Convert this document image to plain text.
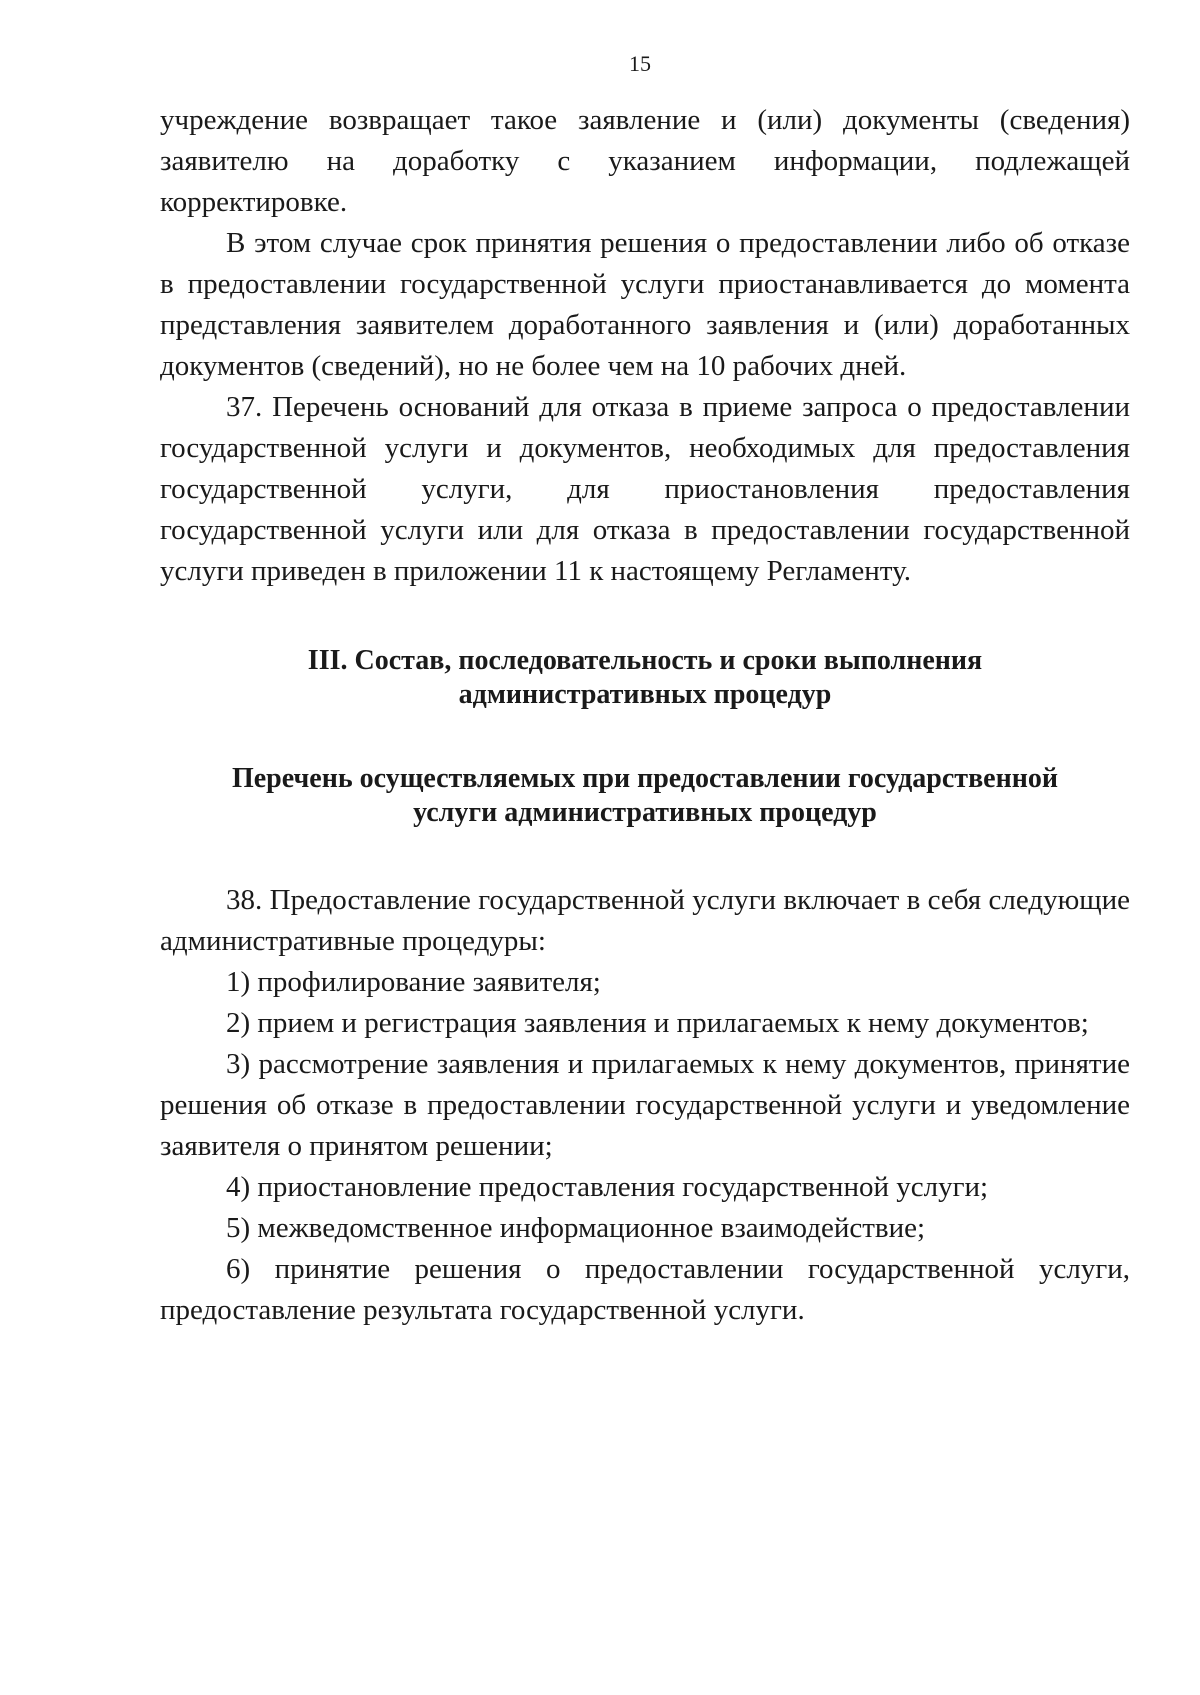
15

учреждение возвращает такое заявление и (или) документы (сведения) заявителю на доработку с указанием информации, подлежащей корректировке.

В этом случае срок принятия решения о предоставлении либо об отказе в предоставлении государственной услуги приостанавливается до момента представления заявителем доработанного заявления и (или) доработанных документов (сведений), но не более чем на 10 рабочих дней.

37. Перечень оснований для отказа в приеме запроса о предоставлении государственной услуги и документов, необходимых для предоставления государственной услуги, для приостановления предоставления государственной услуги или для отказа в предоставлении государственной услуги приведен в приложении 11 к настоящему Регламенту.

III. Состав, последовательность и сроки выполнения
административных процедур
Перечень осуществляемых при предоставлении государственной
услуги административных процедур

38. Предоставление государственной услуги включает в себя следующие административные процедуры:

1) профилирование заявителя;

2) прием и регистрация заявления и прилагаемых к нему документов;

3) рассмотрение заявления и прилагаемых к нему документов, принятие решения об отказе в предоставлении государственной услуги и уведомление заявителя о принятом решении;

4) приостановление предоставления государственной услуги;

5) межведомственное информационное взаимодействие;

6) принятие решения о предоставлении государственной услуги, предоставление результата государственной услуги.
